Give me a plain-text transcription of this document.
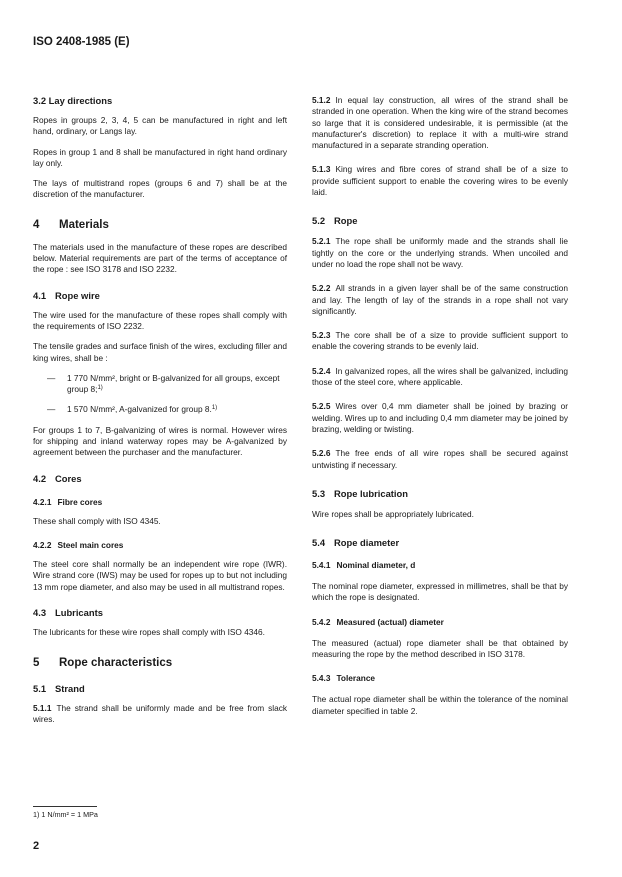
ISO 2408-1985 (E)
3.2 Lay directions

Ropes in groups 2, 3, 4, 5 can be manufactured in right and left hand, ordinary, or Langs lay.

Ropes in group 1 and 8 shall be manufactured in right hand ordinary lay only.

The lays of multistrand ropes (groups 6 and 7) shall be at the discretion of the manufacturer.

4 Materials

The materials used in the manufacture of these ropes are described below. Material requirements are part of the terms of acceptance of the rope : see ISO 3178 and ISO 2232.

4.1 Rope wire

The wire used for the manufacture of these ropes shall comply with the requirements of ISO 2232.

The tensile grades and surface finish of the wires, excluding filler and king wires, shall be :

—	1 770 N/mm², bright or B-galvanized for all groups, except group 8;$^{1)}$
—	1 570 N/mm², A-galvanized for group 8.$^{1)}$

For groups 1 to 7, B-galvanizing of wires is normal. However wires for shipping and inland waterway ropes may be A-galvanized by agreement between the purchaser and the manufacturer.

4.2 Cores
4.2.1 Fibre cores

These shall comply with ISO 4345.

4.2.2 Steel main cores

The steel core shall normally be an independent wire rope (IWR). Wire strand core (IWS) may be used for ropes up to but not including 13 mm rope diameter, and also may be used in all multistrand ropes.

4.3 Lubricants

The lubricants for these wire ropes shall comply with ISO 4346.

5 Rope characteristics
5.1 Strand

5.1.1 The strand shall be uniformly made and be free from slack wires.

5.1.2 In equal lay construction, all wires of the strand shall be stranded in one operation. When the king wire of the strand becomes so large that it is considered undesirable, it is permissible (at the manufacturer's discretion) to replace it with a multi-wire strand manufactured in a separate stranding operation.

5.1.3 King wires and fibre cores of strand shall be of a size to provide sufficient support to enable the covering wires to be evenly laid.

5.2 Rope

5.2.1 The rope shall be uniformly made and the strands shall lie tightly on the core or the underlying strands. When uncoiled and under no load the rope shall not be wavy.

5.2.2 All strands in a given layer shall be of the same construction and lay. The length of lay of the strands in a rope shall not vary significantly.

5.2.3 The core shall be of a size to provide sufficient support to enable the covering strands to be evenly laid.

5.2.4 In galvanized ropes, all the wires shall be galvanized, including those of the steel core, where applicable.

5.2.5 Wires over 0,4 mm diameter shall be joined by brazing or welding. Wires up to and including 0,4 mm diameter may be joined by brazing, welding or twisting.

5.2.6 The free ends of all wire ropes shall be secured against untwisting if necessary.

5.3 Rope lubrication

Wire ropes shall be appropriately lubricated.

5.4 Rope diameter
5.4.1 Nominal diameter, d

The nominal rope diameter, expressed in millimetres, shall be that by which the rope is designated.

5.4.2 Measured (actual) diameter

The measured (actual) rope diameter shall be that obtained by measuring the rope by the method described in ISO 3178.

5.4.3 Tolerance

The actual rope diameter shall be within the tolerance of the nominal diameter specified in table 2.

1) 1 N/mm² = 1 MPa
2
